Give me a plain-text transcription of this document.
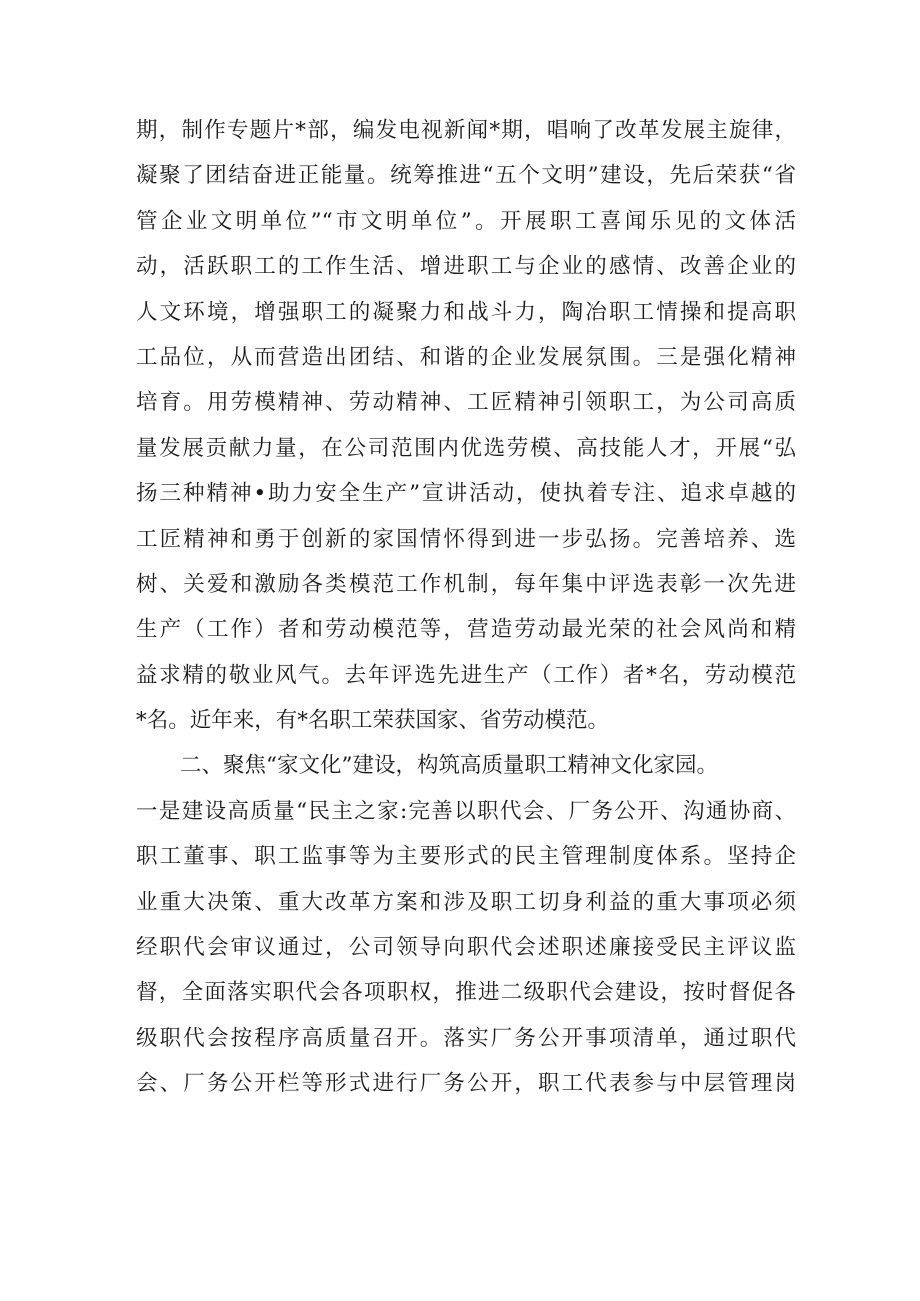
期，制作专题片*部，编发电视新闻*期，唱响了改革发展主旋律，
凝聚了团结奋进正能量。统筹推进“五个文明”建设，先后荣获“省
管企业文明单位”“市文明单位”。开展职工喜闻乐见的文体活
动，活跃职工的工作生活、增进职工与企业的感情、改善企业的
人文环境，增强职工的凝聚力和战斗力，陶冶职工情操和提高职
工品位，从而营造出团结、和谐的企业发展氛围。三是强化精神
培育。用劳模精神、劳动精神、工匠精神引领职工，为公司高质
量发展贡献力量，在公司范围内优选劳模、高技能人才，开展“弘
扬三种精神•助力安全生产”宣讲活动，使执着专注、追求卓越的
工匠精神和勇于创新的家国情怀得到进一步弘扬。完善培养、选
树、关爱和激励各类模范工作机制，每年集中评选表彰一次先进
生产（工作）者和劳动模范等，营造劳动最光荣的社会风尚和精
益求精的敬业风气。去年评选先进生产（工作）者*名，劳动模范
*名。近年来，有*名职工荣获国家、省劳动模范。
二、聚焦“家文化”建设，构筑高质量职工精神文化家园。
一是建设高质量“民主之家:完善以职代会、厂务公开、沟通协商、
职工董事、职工监事等为主要形式的民主管理制度体系。坚持企
业重大决策、重大改革方案和涉及职工切身利益的重大事项必须
经职代会审议通过，公司领导向职代会述职述廉接受民主评议监
督，全面落实职代会各项职权，推进二级职代会建设，按时督促各
级职代会按程序高质量召开。落实厂务公开事项清单，通过职代
会、厂务公开栏等形式进行厂务公开，职工代表参与中层管理岗
